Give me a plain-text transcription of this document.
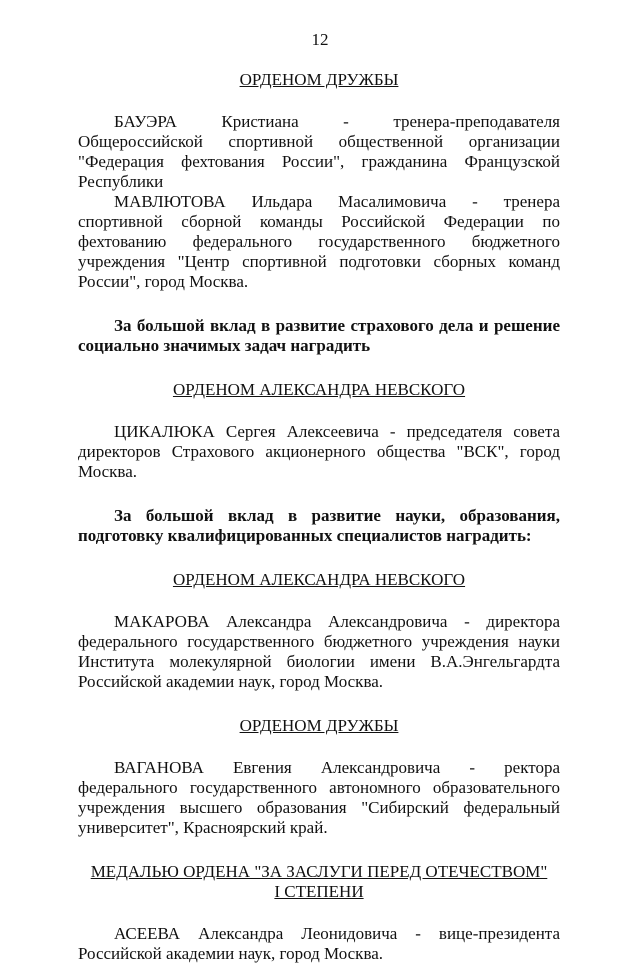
12

ОРДЕНОМ ДРУЖБЫ

БАУЭРА Кристиана - тренера-преподавателя Общероссийской спортивной общественной организации "Федерация фехтования России", гражданина Французской Республики

МАВЛЮТОВА Ильдара Масалимовича - тренера спортивной сборной команды Российской Федерации по фехтованию федерального государственного бюджетного учреждения "Центр спортивной подготовки сборных команд России", город Москва.

За большой вклад в развитие страхового дела и решение социально значимых задач наградить

ОРДЕНОМ АЛЕКСАНДРА НЕВСКОГО

ЦИКАЛЮКА Сергея Алексеевича - председателя совета директоров Страхового акционерного общества "ВСК", город Москва.

За большой вклад в развитие науки, образования, подготовку квалифицированных специалистов наградить:

ОРДЕНОМ АЛЕКСАНДРА НЕВСКОГО

МАКАРОВА Александра Александровича - директора федерального государственного бюджетного учреждения науки Института молекулярной биологии имени В.А.Энгельгардта Российской академии наук, город Москва.

ОРДЕНОМ ДРУЖБЫ

ВАГАНОВА Евгения Александровича - ректора федерального государственного автономного образовательного учреждения высшего образования "Сибирский федеральный университет", Красноярский край.

МЕДАЛЬЮ ОРДЕНА "ЗА ЗАСЛУГИ ПЕРЕД ОТЕЧЕСТВОМ"

I СТЕПЕНИ

АСЕЕВА Александра Леонидовича - вице-президента Российской академии наук, город Москва.
